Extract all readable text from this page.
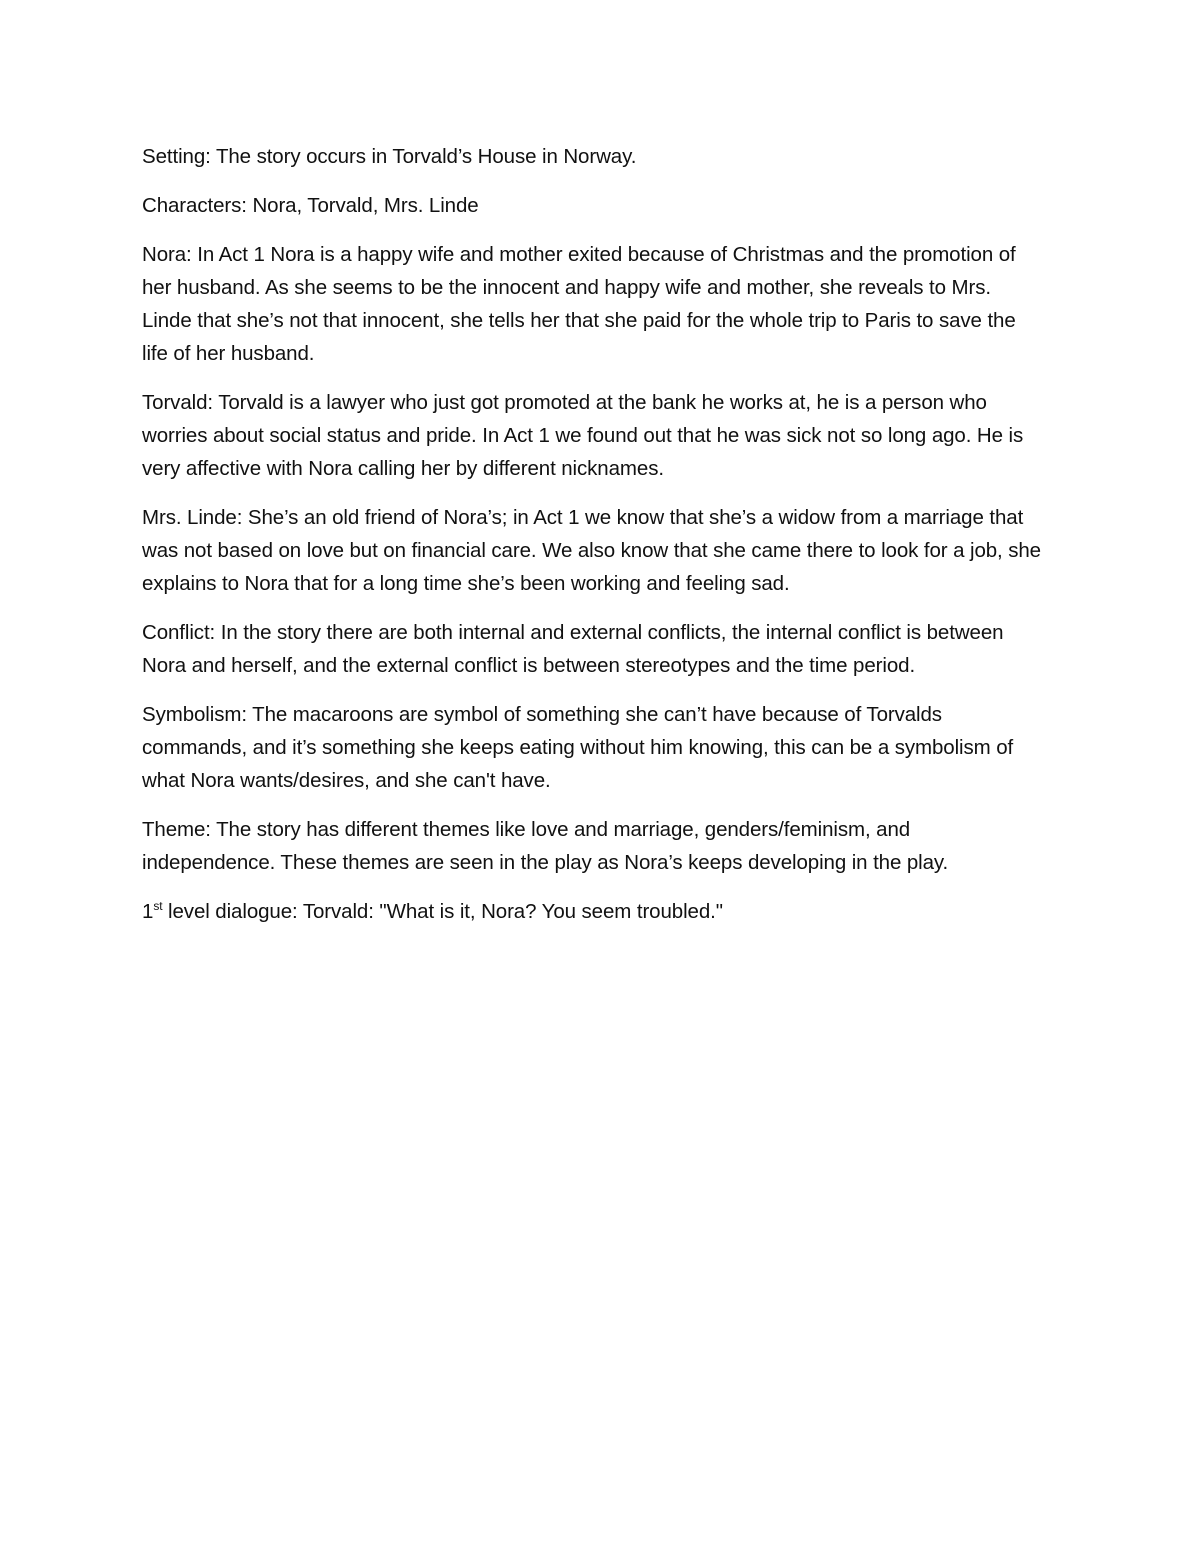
Setting: The story occurs in Torvald’s House in Norway.

Characters: Nora, Torvald, Mrs. Linde

Nora: In Act 1 Nora is a happy wife and mother exited because of Christmas and the promotion of her husband. As she seems to be the innocent and happy wife and mother, she reveals to Mrs. Linde that she’s not that innocent, she tells her that she paid for the whole trip to Paris to save the life of her husband.

Torvald: Torvald is a lawyer who just got promoted at the bank he works at, he is a person who worries about social status and pride. In Act 1 we found out that he was sick not so long ago. He is very affective with Nora calling her by different nicknames.

Mrs. Linde: She’s an old friend of Nora’s; in Act 1 we know that she’s a widow from a marriage that was not based on love but on financial care. We also know that she came there to look for a job, she explains to Nora that for a long time she’s been working and feeling sad.

Conflict: In the story there are both internal and external conflicts, the internal conflict is between Nora and herself, and the external conflict is between stereotypes and the time period.

Symbolism: The macaroons are symbol of something she can’t have because of Torvalds commands, and it’s something she keeps eating without him knowing, this can be a symbolism of what Nora wants/desires, and she can't have.

Theme: The story has different themes like love and marriage, genders/feminism, and independence. These themes are seen in the play as Nora’s keeps developing in the play.

1st level dialogue: Torvald: "What is it, Nora? You seem troubled."
